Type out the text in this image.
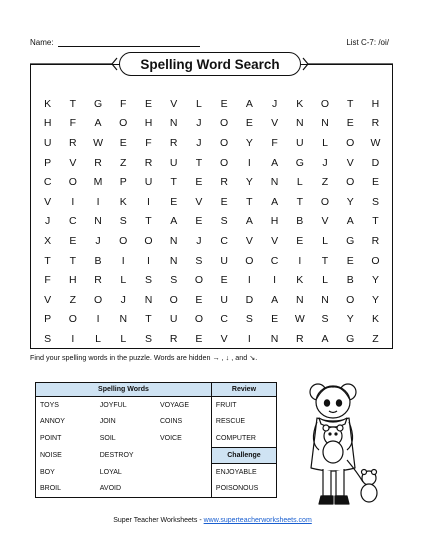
Name:	List C-7: /oi/
Spelling Word Search
K	T	G	F	E	V	L	E	A	J	K	O	T	H
H	F	A	O	H	N	J	O	E	V	N	N	E	R
U	R	W	E	F	R	J	O	Y	F	U	L	O	W
P	V	R	Z	R	U	T	O	I	A	G	J	V	D
C	O	M	P	U	T	E	R	Y	N	L	Z	O	E
V	I	I	K	I	E	V	E	T	A	T	O	Y	S
J	C	N	S	T	A	E	S	A	H	B	V	A	T
X	E	J	O	O	N	J	C	V	V	E	L	G	R
T	T	B	I	I	N	S	U	O	C	I	T	E	O
F	H	R	L	S	S	O	E	I	I	K	L	B	Y
V	Z	O	J	N	O	E	U	D	A	N	N	O	Y
P	O	I	N	T	U	O	C	S	E	W	S	Y	K
S	I	L	L	S	R	E	V	I	N	R	A	G	Z
Find your spelling words in the puzzle. Words are hidden → , ↓ , and ↘.
Spelling Words			Review
TOYS	JOYFUL	VOYAGE	FRUIT
ANNOY	JOIN	COINS	RESCUE
POINT	SOIL	VOICE	COMPUTER
NOISE	DESTROY		Challenge
BOY	LOYAL		ENJOYABLE
BROIL	AVOID		POISONOUS
Super Teacher Worksheets - www.superteacherworksheets.com
